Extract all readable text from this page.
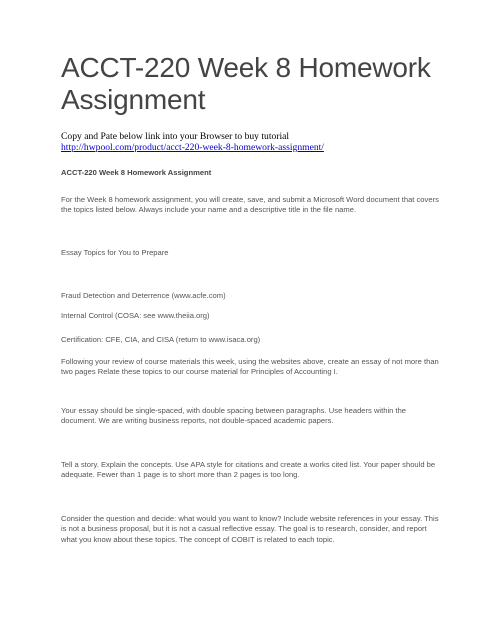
ACCT-220 Week 8 Homework Assignment
Copy and Pate below link into your Browser to buy tutorial
http://hwpool.com/product/acct-220-week-8-homework-assignment/
ACCT-220 Week 8 Homework Assignment

For the Week 8 homework assignment, you will create, save, and submit a Microsoft Word document that covers the topics listed below. Always include your name and a descriptive title in the file name.

Essay Topics for You to Prepare

Fraud Detection and Deterrence (www.acfe.com)

Internal Control (COSA: see www.theiia.org)

Certification: CFE, CIA, and CISA (return to www.isaca.org)

Following your review of course materials this week, using the websites above, create an essay of not more than two pages Relate these topics to our course material for Principles of Accounting I.

Your essay should be single-spaced, with double spacing between paragraphs. Use headers within the document. We are writing business reports, not double-spaced academic papers.

Tell a story. Explain the concepts. Use APA style for citations and create a works cited list. Your paper should be adequate. Fewer than 1 page is to short more than 2 pages is too long.

Consider the question and decide: what would you want to know? Include website references in your essay. This is not a business proposal, but it is not a casual reflective essay. The goal is to research, consider, and report what you know about these topics. The concept of COBIT is related to each topic.
